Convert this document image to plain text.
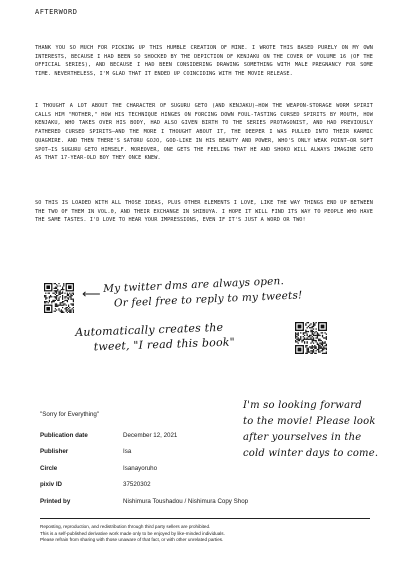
AFTERWORD
THANK YOU SO MUCH FOR PICKING UP THIS HUMBLE CREATION OF MINE. I WROTE THIS BASED PURELY ON MY OWN INTERESTS, BECAUSE I HAD BEEN SO SHOCKED BY THE DEPICTION OF KENJAKU ON THE COVER OF VOLUME 16 (OF THE OFFICIAL SERIES), AND BECAUSE I HAD BEEN CONSIDERING DRAWING SOMETHING WITH MALE PREGNANCY FOR SOME TIME. NEVERTHELESS, I'M GLAD THAT IT ENDED UP COINCIDING WITH THE MOVIE RELEASE.
I THOUGHT A LOT ABOUT THE CHARACTER OF SUGURU GETO (AND KENJAKU)—HOW THE WEAPON-STORAGE WORM SPIRIT CALLS HIM "MOTHER," HOW HIS TECHNIQUE HINGES ON FORCING DOWN FOUL-TASTING CURSED SPIRITS BY MOUTH, HOW KENJAKU, WHO TAKES OVER HIS BODY, HAD ALSO GIVEN BIRTH TO THE SERIES PROTAGONIST, AND HAD PREVIOUSLY FATHERED CURSED SPIRITS—AND THE MORE I THOUGHT ABOUT IT, THE DEEPER I WAS PULLED INTO THEIR KARMIC QUAGMIRE. AND THEN THERE'S SATORU GOJO, GOD-LIKE IN HIS BEAUTY AND POWER, WHO'S ONLY WEAK POINT—OR SOFT SPOT—IS SUGURU GETO HIMSELF. MOREOVER, ONE GETS THE FEELING THAT HE AND SHOKO WILL ALWAYS IMAGINE GETO AS THAT 17-YEAR-OLD BOY THEY ONCE KNEW.
SO THIS IS LOADED WITH ALL THOSE IDEAS, PLUS OTHER ELEMENTS I LOVE, LIKE THE WAY THINGS END UP BETWEEN THE TWO OF THEM IN VOL.0, AND THEIR EXCHANGE IN SHIBUYA. I HOPE IT WILL FIND ITS WAY TO PEOPLE WHO HAVE THE SAME TASTES. I'D LOVE TO HEAR YOUR IMPRESSIONS, EVEN IF IT'S JUST A WORD OR TWO!
⟵ My twitter dms are always open.
Or feel free to reply to my tweets!
Automatically creates the
tweet, "I read this book"
"Sorry for Everything"
Publication date	December 12, 2021
Publisher	Isa
Circle	Isanayoruho
pixiv ID	37520302
Printed by	Nishimura Toushadou / Nishimura Copy Shop
I'm so looking forward
to the movie! Please look
after yourselves in the
cold winter days to come.
Reposting, reproduction, and redistribution through third party sellers are prohibited.
This is a self-published derivative work made only to be enjoyed by like-minded individuals.
Please refrain from sharing with those unaware of that fact, or with other unrelated parties.
